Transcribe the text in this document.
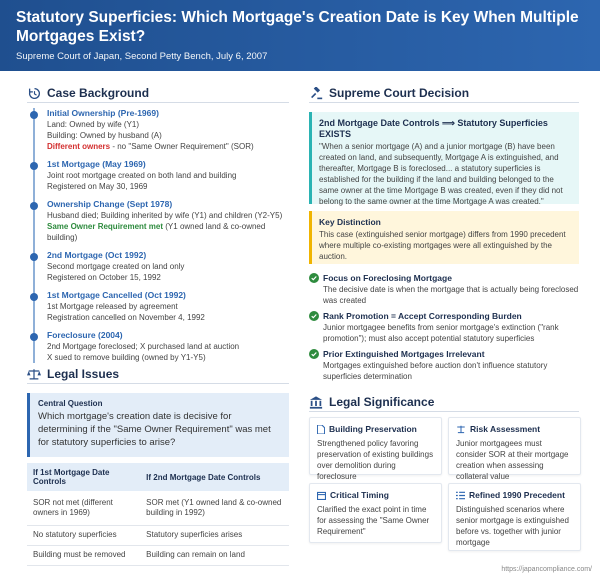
Statutory Superficies: Which Mortgage's Creation Date is Key When Multiple Mortgages Exist?
Supreme Court of Japan, Second Petty Bench, July 6, 2007
Case Background
Initial Ownership (Pre-1969)
Land: Owned by wife (Y1)
Building: Owned by husband (A)
Different owners - no "Same Owner Requirement" (SOR)
1st Mortgage (May 1969)
Joint root mortgage created on both land and building
Registered on May 30, 1969
Ownership Change (Sept 1978)
Husband died; Building inherited by wife (Y1) and children (Y2-Y5)
Same Owner Requirement met (Y1 owned land & co-owned building)
2nd Mortgage (Oct 1992)
Second mortgage created on land only
Registered on October 15, 1992
1st Mortgage Cancelled (Oct 1992)
1st Mortgage released by agreement
Registration cancelled on November 4, 1992
Foreclosure (2004)
2nd Mortgage foreclosed; X purchased land at auction
X sued to remove building (owned by Y1-Y5)
Legal Issues
Central Question
Which mortgage's creation date is decisive for determining if the "Same Owner Requirement" was met for statutory superficies to arise?
If 1st Mortgage Date Controls	If 2nd Mortgage Date Controls
SOR not met (different owners in 1969)	SOR met (Y1 owned land & co-owned building in 1992)
No statutory superficies	Statutory superficies arises
Building must be removed	Building can remain on land
Supreme Court Decision
2nd Mortgage Date Controls ⟹ Statutory Superficies EXISTS
"When a senior mortgage (A) and a junior mortgage (B) have been created on land, and subsequently, Mortgage A is extinguished, and thereafter, Mortgage B is foreclosed... a statutory superficies is established for the building if the land and building belonged to the same owner at the time Mortgage B was created, even if they did not belong to the same owner at the time Mortgage A was created."
Key Distinction
This case (extinguished senior mortgage) differs from 1990 precedent where multiple co-existing mortgages were all extinguished by the auction.
Focus on Foreclosing Mortgage
The decisive date is when the mortgage that is actually being foreclosed was created
Rank Promotion = Accept Corresponding Burden
Junior mortgagee benefits from senior mortgage's extinction ("rank promotion"); must also accept potential statutory superficies
Prior Extinguished Mortgages Irrelevant
Mortgages extinguished before auction don't influence statutory superficies determination
Legal Significance
Building Preservation
Strengthened policy favoring preservation of existing buildings over demolition during foreclosure
Risk Assessment
Junior mortgagees must consider SOR at their mortgage creation when assessing collateral value
Critical Timing
Clarified the exact point in time for assessing the "Same Owner Requirement"
Refined 1990 Precedent
Distinguished scenarios where senior mortgage is extinguished before vs. together with junior mortgage
https://japancompliance.com/
